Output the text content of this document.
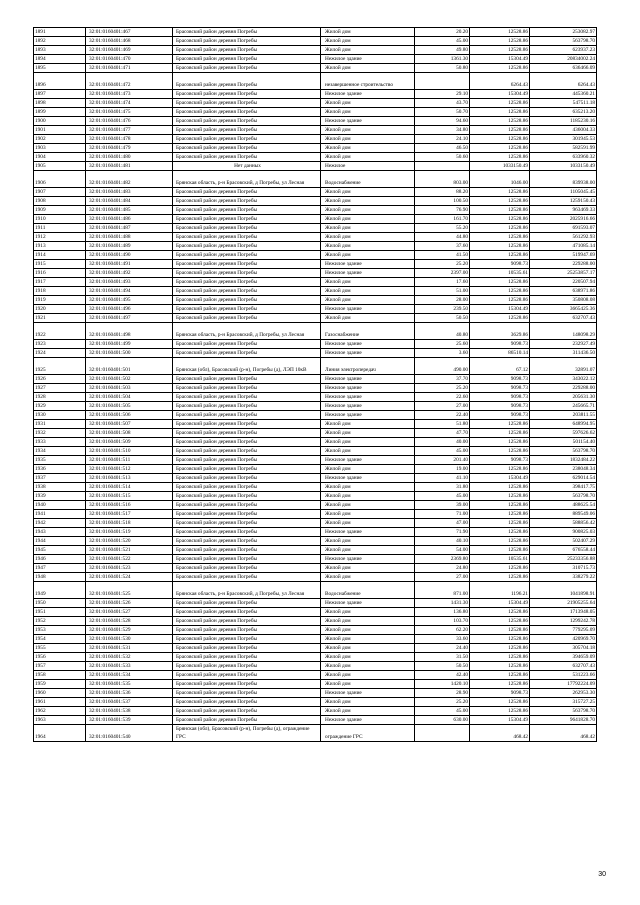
1891	32:01:0160401:467	Брасовский район деревня Погребы	Жилой дом	20.20	12528.86	253082.97
1892	32:01:0160401:468	Брасовский район деревня Погребы	Жилой дом	45.00	12528.86	563798.70
1893	32:01:0160401:469	Брасовский район деревня Погребы	Жилой дом	49.80	12528.86	623937.23
1894	32:01:0160401:470	Брасовский район деревня Погребы	Нежилое здание	1361.30	15304.49	20834002.24
1895	32:01:0160401:471	Брасовский район деревня Погребы	Жилой дом	50.80	12528.86	636466.09
1896	32:01:0160401:472	Брасовский район деревня Погребы	незавершенное строительство		6264.43	6264.43
1897	32:01:0160401:473	Брасовский район деревня Погребы	Нежилое здание	29.10	15304.49	445360.21
1898	32:01:0160401:474	Брасовский район деревня Погребы	Жилой дом	43.70	12528.86	547511.18
1899	32:01:0160401:475	Брасовский район деревня Погребы	Жилой дом	50.70	12528.86	635213.20
1900	32:01:0160401:476	Брасовский район деревня Погребы	Нежилое здание	94.60	12528.86	1185230.16
1901	32:01:0160401:477	Брасовский район деревня Погребы	Жилой дом	34.80	12528.86	436004.33
1902	32:01:0160401:478	Брасовский район деревня Погребы	Жилой дом	24.10	12528.86	301945.53
1903	32:01:0160401:479	Брасовский район деревня Погребы	Жилой дом	46.50	12528.86	582591.99
1904	32:01:0160401:480	Брасовский район деревня Погребы	Жилой дом	50.60	12528.86	633960.32
1905	32:01:0160401:481	Нет данных	Нежилое		1033150.49	1033150.49
1906	32:01:0160401:482	Брянская область, р-н Брасовский, д Погребы, ул Лесная	Водоснабжение	803.00	1046.00	839938.00
1907	32:01:0160401:483	Брасовский район деревня Погребы	Жилой дом	88.20	12528.86	1105045.45
1908	32:01:0160401:484	Брасовский район деревня Погребы	Жилой дом	100.50	12528.86	1259150.43
1909	32:01:0160401:485	Брасовский район деревня Погребы	Жилой дом	76.90	12528.86	963469.33
1910	32:01:0160401:486	Брасовский район деревня Погребы	Жилой дом	161.70	12528.86	2025916.66
1911	32:01:0160401:487	Брасовский район деревня Погребы	Жилой дом	55.20	12528.86	691593.07
1912	32:01:0160401:488	Брасовский район деревня Погребы	Жилой дом	44.80	12528.86	561292.93
1913	32:01:0160401:489	Брасовский район деревня Погребы	Жилой дом	37.60	12528.86	471085.14
1914	32:01:0160401:490	Брасовский район деревня Погребы	Жилой дом	41.50	12528.86	519947.69
1915	32:01:0160401:491	Брасовский район деревня Погребы	Нежилое здание	25.20	9098.73	229288.00
1916	32:01:0160401:492	Брасовский район деревня Погребы	Нежилое здание	2397.00	10535.61	25253857.17
1917	32:01:0160401:493	Брасовский район деревня Погребы	Жилой дом	17.60	12528.86	220507.94
1918	32:01:0160401:494	Брасовский район деревня Погребы	Жилой дом	51.00	12528.86	638971.86
1919	32:01:0160401:495	Брасовский район деревня Погребы	Жилой дом	28.00	12528.86	350808.08
1920	32:01:0160401:496	Брасовский район деревня Погребы	Нежилое здание	239.50	15304.49	3665425.36
1921	32:01:0160401:497	Брасовский район деревня Погребы	Жилой дом	50.50	12528.86	632707.43
1922	32:01:0160401:498	Брянская область, р-н Брасовский, д Погребы, ул Лесная	Газоснабжение	40.80	3629.86	148098.29
1923	32:01:0160401:499	Брасовский район деревня Погребы	Нежилое здание	25.60	9098.73	232927.49
1924	32:01:0160401:500	Брасовский район деревня Погребы	Нежилое здание	3.60	86510.14	311436.50
1925	32:01:0160401:501	Брянская (обл), Брасовский (р-н), Погребы (д), ЛЭП 10кВ	Линия электропередач	490.00	67.12	32891.07
1926	32:01:0160401:502	Брасовский район деревня Погребы	Нежилое здание	37.70	9098.73	343022.12
1927	32:01:0160401:503	Брасовский район деревня Погребы	Нежилое здание	25.20	9098.73	229288.00
1928	32:01:0160401:504	Брасовский район деревня Погребы	Нежилое здание	22.60	9098.73	205631.30
1929	32:01:0160401:505	Брасовский район деревня Погребы	Нежилое здание	27.00	9098.73	245665.71
1930	32:01:0160401:506	Брасовский район деревня Погребы	Нежилое здание	22.40	9098.73	203811.55
1931	32:01:0160401:507	Брасовский район деревня Погребы	Жилой дом	51.80	12528.86	648994.95
1932	32:01:0160401:508	Брасовский район деревня Погребы	Жилой дом	47.70	12528.86	597626.62
1933	32:01:0160401:509	Брасовский район деревня Погребы	Жилой дом	40.00	12528.86	501154.40
1934	32:01:0160401:510	Брасовский район деревня Погребы	Жилой дом	45.00	12528.86	563798.70
1935	32:01:0160401:511	Брасовский район деревня Погребы	Нежилое здание	201.40	9098.73	1832484.22
1936	32:01:0160401:512	Брасовский район деревня Погребы	Жилой дом	19.00	12528.86	238048.34
1937	32:01:0160401:513	Брасовский район деревня Погребы	Нежилое здание	41.10	15304.49	629014.54
1938	32:01:0160401:514	Брасовский район деревня Погребы	Жилой дом	31.80	12528.86	398417.75
1939	32:01:0160401:515	Брасовский район деревня Погребы	Жилой дом	45.00	12528.86	563798.70
1940	32:01:0160401:516	Брасовский район деревня Погребы	Жилой дом	39.00	12528.86	488625.54
1941	32:01:0160401:517	Брасовский район деревня Погребы	Жилой дом	71.00	12528.86	889549.06
1942	32:01:0160401:518	Брасовский район деревня Погребы	Жилой дом	47.00	12528.86	588856.42
1943	32:01:0160401:519	Брасовский район деревня Погребы	Нежилое здание	71.90	12528.86	900825.03
1944	32:01:0160401:520	Брасовский район деревня Погребы	Жилой дом	40.10	12528.86	502407.29
1945	32:01:0160401:521	Брасовский район деревня Погребы	Жилой дом	54.00	12528.86	676558.44
1946	32:01:0160401:522	Брасовский район деревня Погребы	Нежилое здание	2369.80	10535.61	25233356.88
1947	32:01:0160401:523	Брасовский район деревня Погребы	Жилой дом	24.80	12528.86	310715.73
1948	32:01:0160401:524	Брасовский район деревня Погребы	Жилой дом	27.00	12528.86	338279.22
1949	32:01:0160401:525	Брянская область, р-н Брасовский, д Погребы, ул Лесная	Водоснабжение	871.00	1196.21	1041898.91
1950	32:01:0160401:526	Брасовский район деревня Погребы	Нежилое здание	1431.30	15304.49	21905255.64
1951	32:01:0160401:527	Брасовский район деревня Погребы	Жилой дом	136.80	12528.86	1713948.05
1952	32:01:0160401:528	Брасовский район деревня Погребы	Жилой дом	103.70	12528.86	1299242.78
1953	32:01:0160401:529	Брасовский район деревня Погребы	Жилой дом	62.20	12528.86	779295.09
1954	32:01:0160401:530	Брасовский район деревня Погребы	Жилой дом	33.60	12528.86	420969.70
1955	32:01:0160401:531	Брасовский район деревня Погребы	Жилой дом	24.40	12528.86	305704.18
1956	32:01:0160401:532	Брасовский район деревня Погребы	Жилой дом	31.50	12528.86	394659.09
1957	32:01:0160401:533	Брасовский район деревня Погребы	Жилой дом	50.50	12528.86	632707.43
1958	32:01:0160401:534	Брасовский район деревня Погребы	Жилой дом	42.40	12528.86	531223.66
1959	32:01:0160401:535	Брасовский район деревня Погребы	Жилой дом	1420.10	12528.86	17792224.09
1960	32:01:0160401:536	Брасовский район деревня Погребы	Нежилое здание	28.90	9098.73	262953.30
1961	32:01:0160401:537	Брасовский район деревня Погребы	Жилой дом	25.20	12528.86	315727.25
1962	32:01:0160401:538	Брасовский район деревня Погребы	Жилой дом	45.00	12528.86	563798.70
1963	32:01:0160401:539	Брасовский район деревня Погребы	Нежилое здание	630.00	15304.49	9641828.70
1964	32:01:0160401:540	Брянская (обл), Брасовский (р-н), Погребы (д), ограждение ГРС	ограждение ГРС		468.42	468.42
30
